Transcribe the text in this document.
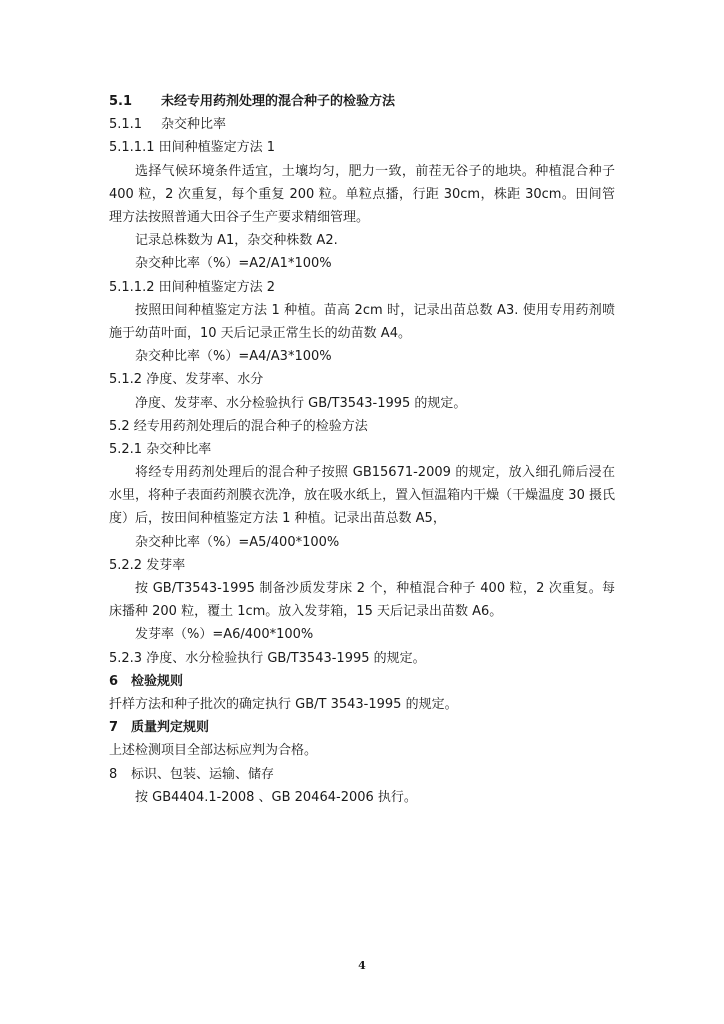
5.1 未经专用药剂处理的混合种子的检验方法
5.1.1 杂交种比率
5.1.1.1 田间种植鉴定方法 1
选择气候环境条件适宜，土壤均匀，肥力一致，前茬无谷子的地块。种植混合种子 400 粒，2 次重复，每个重复 200 粒。单粒点播，行距 30cm，株距 30cm。田间管理方法按照普通大田谷子生产要求精细管理。
记录总株数为 A1，杂交种株数 A2.
杂交种比率（%）=A2/A1*100%
5.1.1.2 田间种植鉴定方法 2
按照田间种植鉴定方法 1 种植。苗高 2cm 时，记录出苗总数 A3. 使用专用药剂喷施于幼苗叶面，10 天后记录正常生长的幼苗数 A4。
杂交种比率（%）=A4/A3*100%
5.1.2 净度、发芽率、水分
净度、发芽率、水分检验执行 GB/T3543-1995 的规定。
5.2 经专用药剂处理后的混合种子的检验方法
5.2.1 杂交种比率
将经专用药剂处理后的混合种子按照 GB15671-2009 的规定，放入细孔筛后浸在水里，将种子表面药剂膜衣洗净，放在吸水纸上，置入恒温箱内干燥（干燥温度 30 摄氏度）后，按田间种植鉴定方法 1 种植。记录出苗总数 A5，
杂交种比率（%）=A5/400*100%
5.2.2 发芽率
按 GB/T3543-1995 制备沙质发芽床 2 个，种植混合种子 400 粒，2 次重复。每床播种 200 粒，覆土 1cm。放入发芽箱，15 天后记录出苗数 A6。
发芽率（%）=A6/400*100%
5.2.3 净度、水分检验执行 GB/T3543-1995 的规定。
6 检验规则
扦样方法和种子批次的确定执行 GB/T 3543-1995 的规定。
7 质量判定规则
上述检测项目全部达标应判为合格。
8 标识、包装、运输、储存
按 GB4404.1-2008 、GB 20464-2006 执行。
4
